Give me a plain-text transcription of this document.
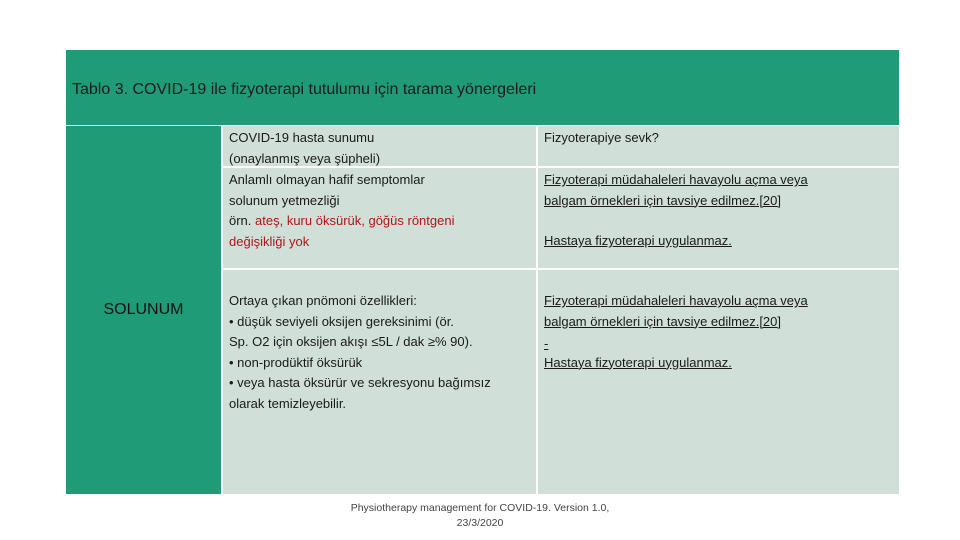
Tablo 3. COVID-19 ile fizyoterapi tutulumu için tarama yönergeleri
SOLUNUM
COVID-19 hasta sunumu
(onaylanmış veya şüpheli)
Fizyoterapiye sevk?
Anlamlı olmayan hafif semptomlar
solunum yetmezliği
örn. ateş, kuru öksürük, göğüs röntgeni
değişikliği yok
Fizyoterapi müdahaleleri havayolu açma veya
balgam örnekleri için tavsiye edilmez.[20]
Hastaya fizyoterapi uygulanmaz.
Ortaya çıkan pnömoni özellikleri:
• düşük seviyeli oksijen gereksinimi (ör.
Sp. O2 için oksijen akışı ≤5L / dak ≥% 90).
• non-prodüktif öksürük
• veya hasta öksürür ve sekresyonu bağımsız
olarak temizleyebilir.
Fizyoterapi müdahaleleri havayolu açma veya
balgam örnekleri için tavsiye edilmez.[20]
-
Hastaya fizyoterapi uygulanmaz.
Physiotherapy management for COVID-19. Version 1.0,
23/3/2020
